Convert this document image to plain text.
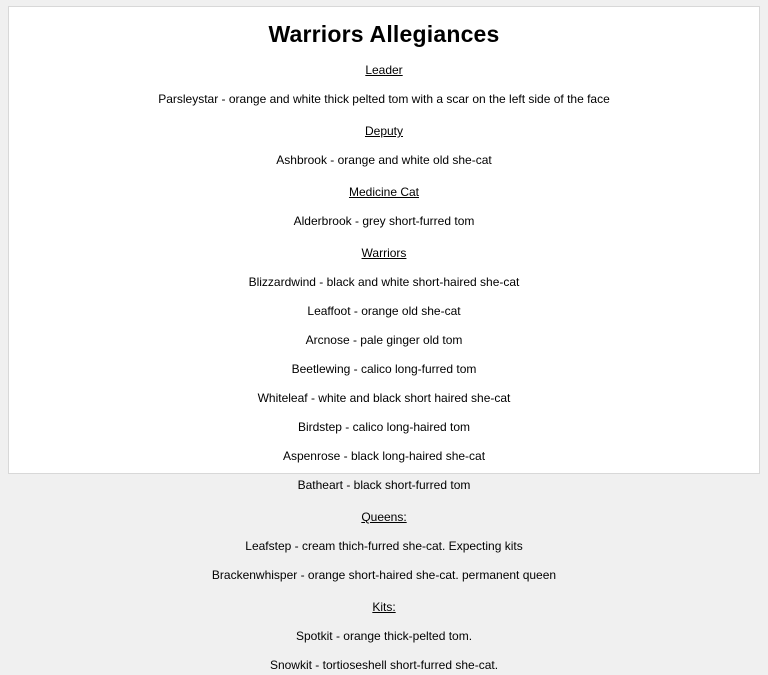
Warriors Allegiances
Leader
Parsleystar - orange and white thick pelted tom with a scar on the left side of the face
Deputy
Ashbrook - orange and white old she-cat
Medicine Cat
Alderbrook - grey short-furred tom
Warriors
Blizzardwind - black and white short-haired she-cat
Leaffoot - orange old she-cat
Arcnose - pale ginger old tom
Beetlewing - calico long-furred tom
Whiteleaf - white and black short haired she-cat
Birdstep - calico long-haired tom
Aspenrose - black long-haired she-cat
Batheart - black short-furred tom
Queens:
Leafstep - cream thich-furred she-cat. Expecting kits
Brackenwhisper - orange short-haired she-cat. permanent queen
Kits:
Spotkit - orange thick-pelted tom.
Snowkit - tortioseshell short-furred she-cat.
